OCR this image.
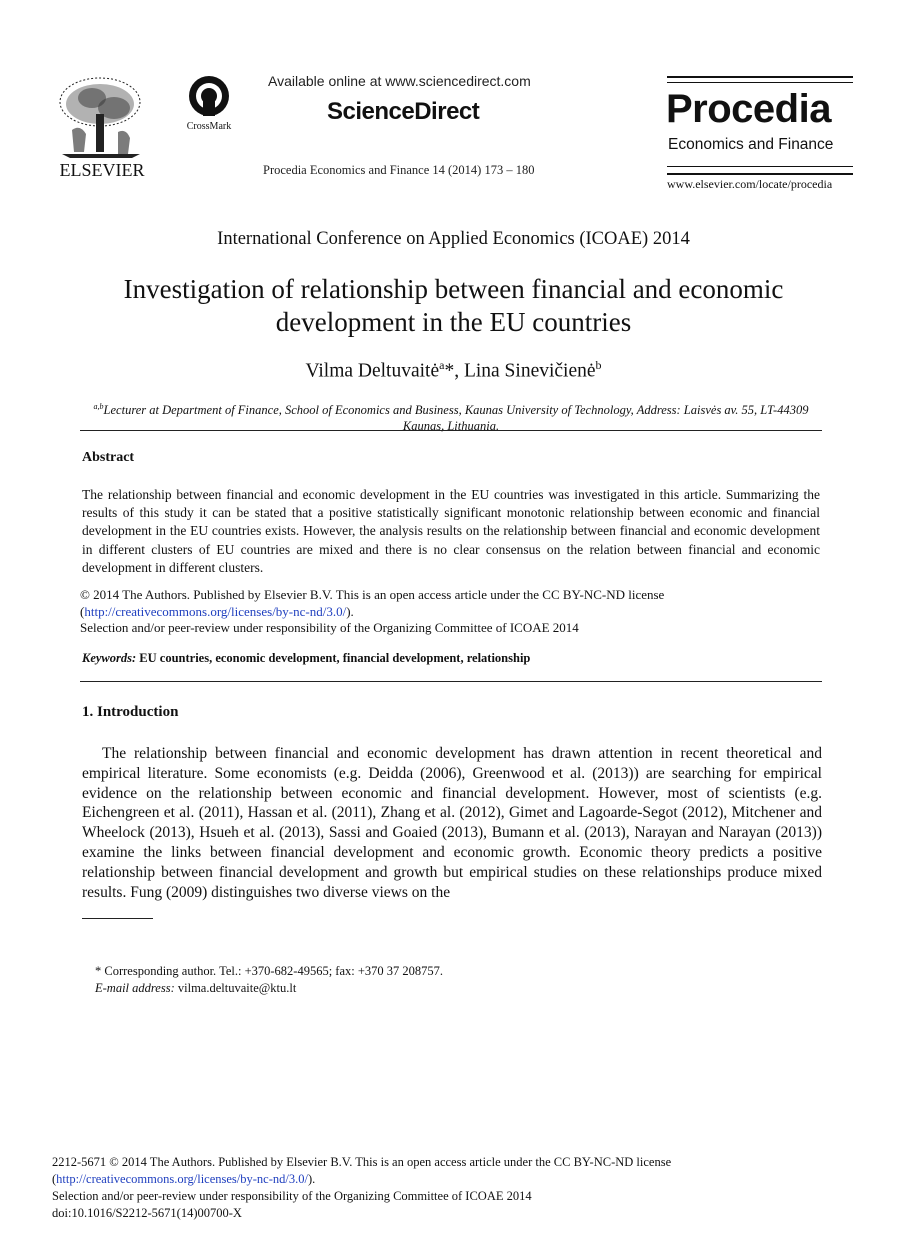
ELSEVIER
CrossMark
Available online at www.sciencedirect.com
ScienceDirect
Procedia Economics and Finance 14 (2014) 173 – 180
Procedia
Economics and Finance
www.elsevier.com/locate/procedia
International Conference on Applied Economics (ICOAE) 2014
Investigation of relationship between financial and economic development in the EU countries
Vilma Deltuvaitė$^a$*, Lina Sinevičienė$^b$
$^{a,b}$Lecturer at Department of Finance, School of Economics and Business, Kaunas University of Technology, Address: Laisvės av. 55, LT-44309 Kaunas, Lithuania.
Abstract
The relationship between financial and economic development in the EU countries was investigated in this article. Summarizing the results of this study it can be stated that a positive statistically significant monotonic relationship between economic and financial development in the EU countries exists. However, the analysis results on the relationship between financial and economic development in different clusters of EU countries are mixed and there is no clear consensus on the relation between financial and economic development in different clusters.
© 2014 The Authors. Published by Elsevier B.V. This is an open access article under the CC BY-NC-ND license
(http://creativecommons.org/licenses/by-nc-nd/3.0/).
Selection and/or peer-review under responsibility of the Organizing Committee of ICOAE 2014
Keywords: EU countries, economic development, financial development, relationship
1. Introduction
The relationship between financial and economic development has drawn attention in recent theoretical and empirical literature. Some economists (e.g. Deidda (2006), Greenwood et al. (2013)) are searching for empirical evidence on the relationship between economic and financial development. However, most of scientists (e.g. Eichengreen et al. (2011), Hassan et al. (2011), Zhang et al. (2012), Gimet and Lagoarde-Segot (2012), Mitchener and Wheelock (2013), Hsueh et al. (2013), Sassi and Goaied (2013), Bumann et al. (2013), Narayan and Narayan (2013)) examine the links between financial development and economic growth. Economic theory predicts a positive relationship between financial development and growth but empirical studies on these relationships produce mixed results. Fung (2009) distinguishes two diverse views on the
* Corresponding author. Tel.: +370-682-49565; fax: +370 37 208757.
E-mail address: vilma.deltuvaite@ktu.lt
2212-5671 © 2014 The Authors. Published by Elsevier B.V. This is an open access article under the CC BY-NC-ND license
(http://creativecommons.org/licenses/by-nc-nd/3.0/).
Selection and/or peer-review under responsibility of the Organizing Committee of ICOAE 2014
doi:10.1016/S2212-5671(14)00700-X
